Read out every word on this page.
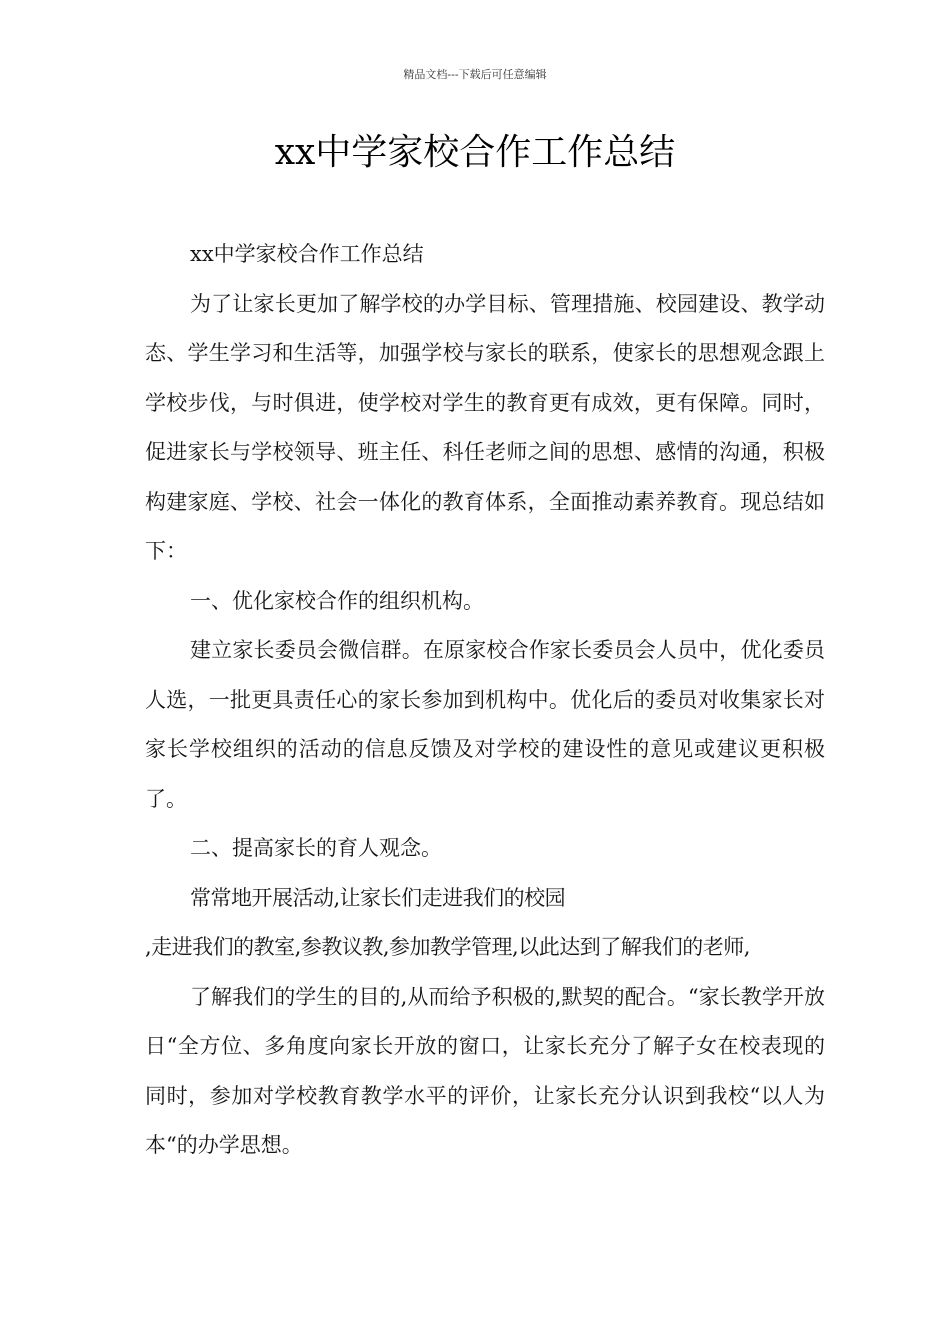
精品文档---下载后可任意编辑
xx中学家校合作工作总结

xx中学家校合作工作总结

为了让家长更加了解学校的办学目标、管理措施、校园建设、教学动态、学生学习和生活等，加强学校与家长的联系，使家长的思想观念跟上学校步伐，与时俱进，使学校对学生的教育更有成效，更有保障。同时，促进家长与学校领导、班主任、科任老师之间的思想、感情的沟通，积极构建家庭、学校、社会一体化的教育体系，全面推动素养教育。现总结如下：

一、优化家校合作的组织机构。

建立家长委员会微信群。在原家校合作家长委员会人员中，优化委员人选，一批更具责任心的家长参加到机构中。优化后的委员对收集家长对家长学校组织的活动的信息反馈及对学校的建设性的意见或建议更积极了。

二、提高家长的育人观念。

常常地开展活动,让家长们走进我们的校园

,走进我们的教室,参教议教,参加教学管理,以此达到了解我们的老师,

了解我们的学生的目的,从而给予积极的,默契的配合。“家长教学开放日“全方位、多角度向家长开放的窗口，让家长充分了解子女在校表现的同时，参加对学校教育教学水平的评价，让家长充分认识到我校“以人为本“的办学思想。
